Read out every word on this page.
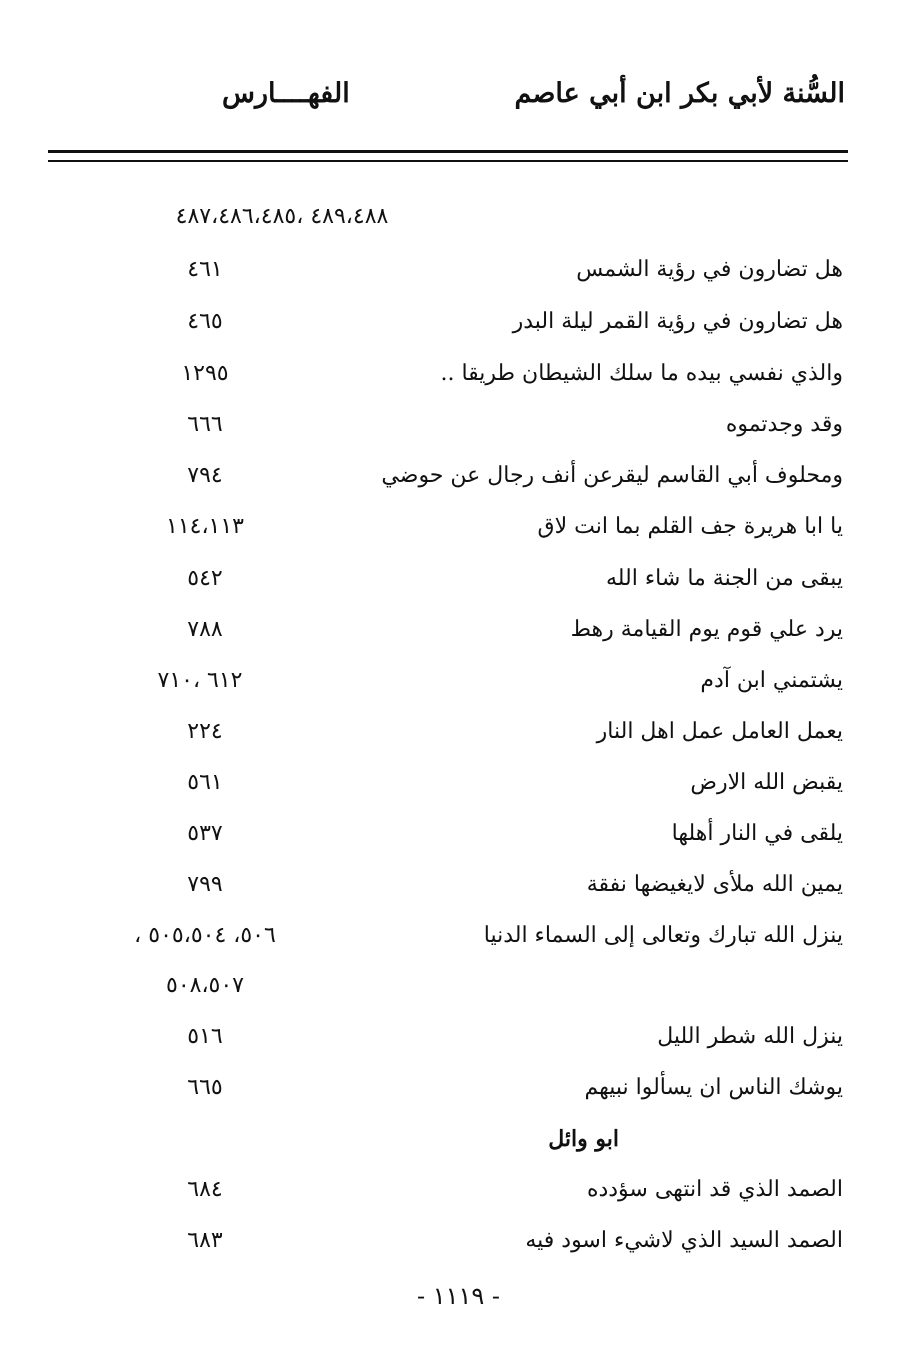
السُّنة لأبي بكر ابن أبي عاصم
الفهــــارس
٤٨٩،٤٨٨ ،٤٨٧،٤٨٦،٤٨٥
هل تضارون في رؤية الشمس
٤٦١
هل تضارون في رؤية القمر ليلة البدر
٤٦٥
والذي نفسي بيده ما سلك الشيطان طريقا ..
١٢٩٥
وقد وجدتموه
٦٦٦
ومحلوف أبي القاسم ليقرعن أنف رجال عن حوضي
٧٩٤
يا ابا هريرة جف القلم بما انت لاق
١١٤،١١٣
يبقى من الجنة ما شاء الله
٥٤٢
يرد علي قوم يوم القيامة رهط
٧٨٨
يشتمني ابن آدم
٦١٢ ،٧١٠
يعمل العامل عمل اهل النار
٢٢٤
يقبض الله الارض
٥٦١
يلقى في النار أهلها
٥٣٧
يمين الله ملأى لايغيضها نفقة
٧٩٩
ينزل الله تبارك وتعالى إلى السماء الدنيا
٥٠٦، ٥٠٥،٥٠٤ ،
٥٠٨،٥٠٧
ينزل الله شطر الليل
٥١٦
يوشك الناس ان يسألوا نبيهم
٦٦٥
ابو وائل
الصمد الذي قد انتهى سؤدده
٦٨٤
الصمد السيد الذي لاشيء اسود فيه
٦٨٣
- ١١١٩ -
